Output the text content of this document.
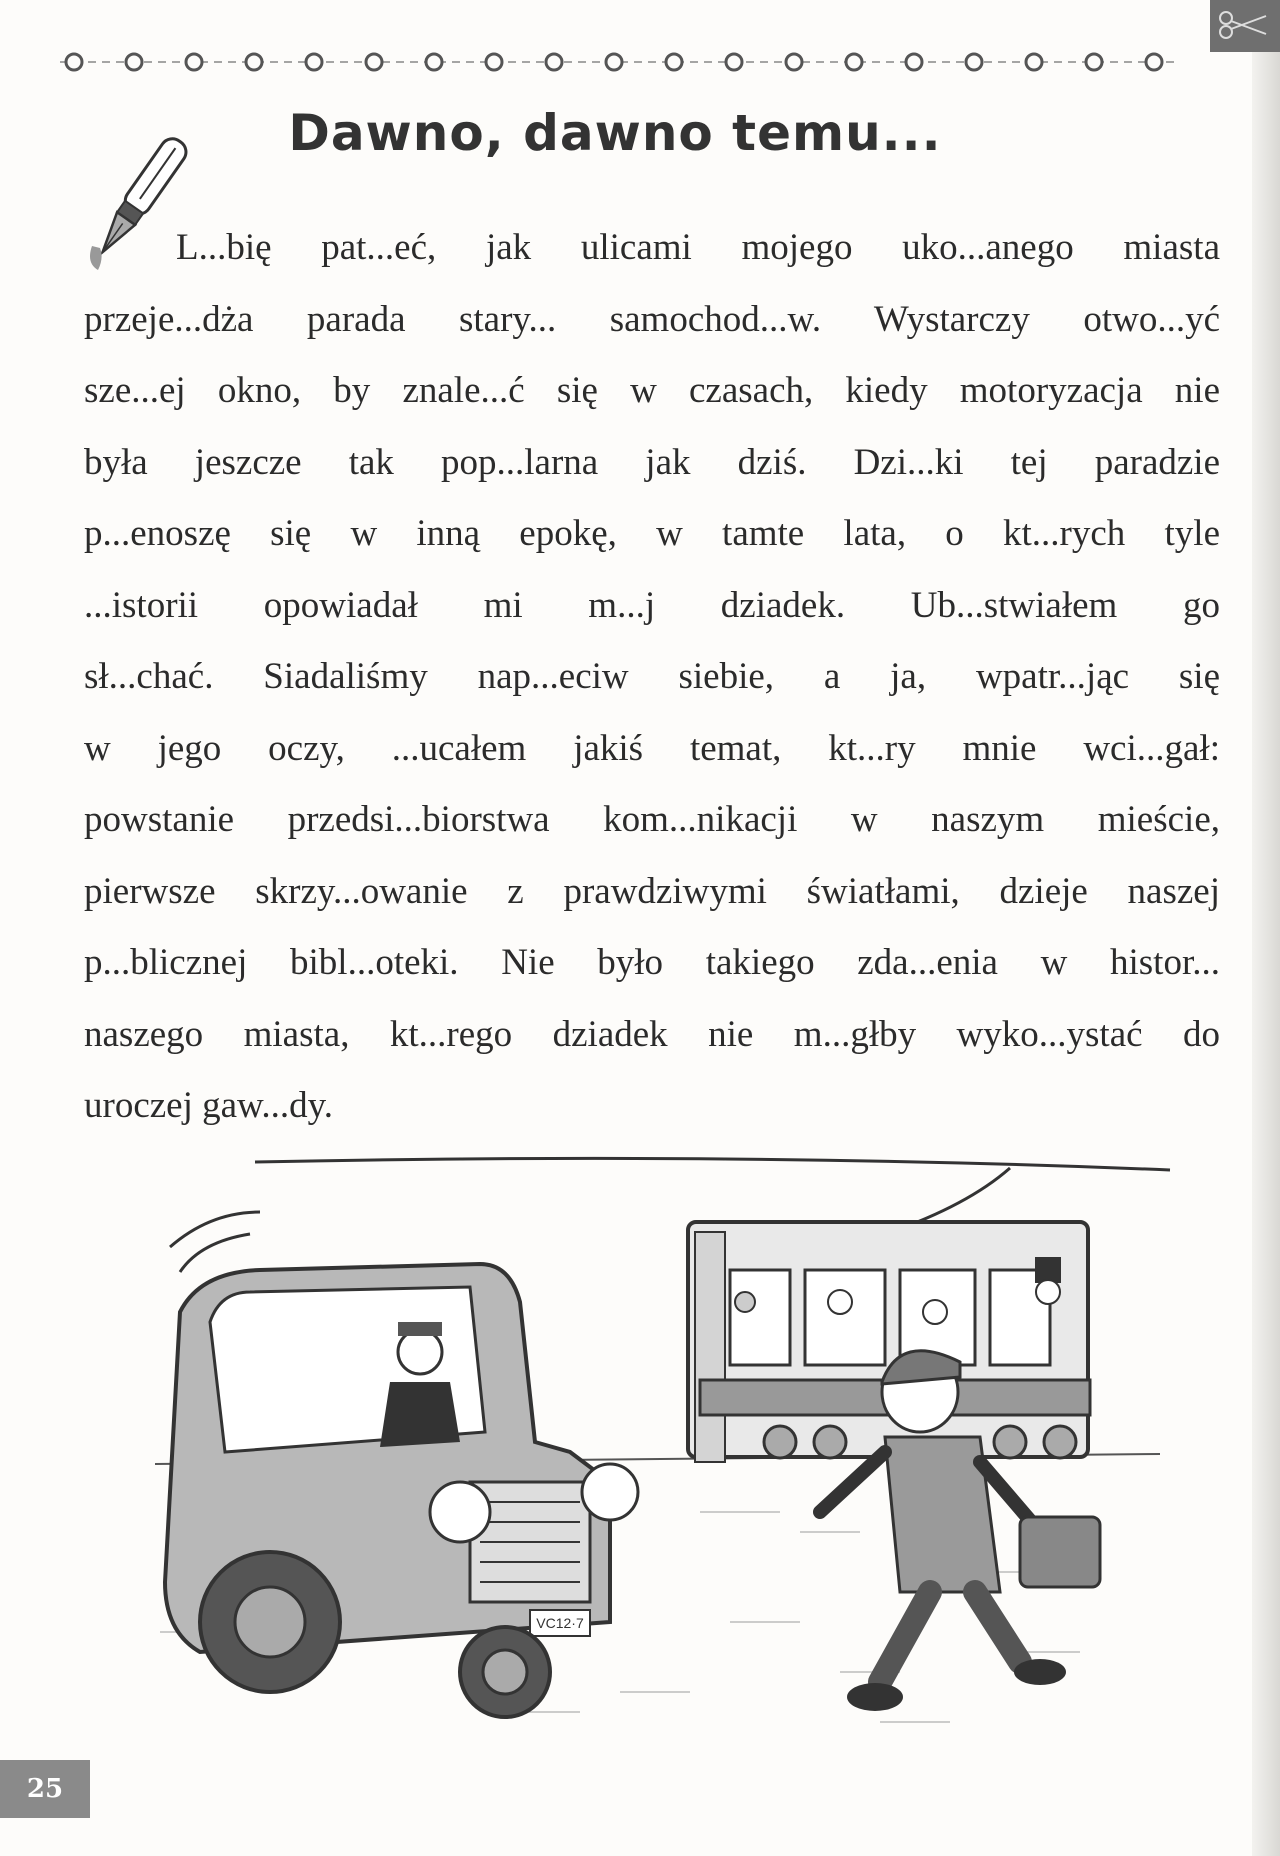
Dawno, dawno temu...
L...bię pat...eć, jak ulicami mojego uko...anego miasta
przeje...dża parada stary... samochod...w. Wystarczy otwo...yć
sze...ej okno, by znale...ć się w czasach, kiedy motoryzacja nie
była jeszcze tak pop...larna jak dziś. Dzi...ki tej paradzie
p...enoszę się w inną epokę, w tamte lata, o kt...rych tyle
...istorii opowiadał mi m...j dziadek. Ub...stwiałem go
sł...chać. Siadaliśmy nap...eciw siebie, a ja, wpatr...jąc się
w jego oczy, ...ucałem jakiś temat, kt...ry mnie wci...gał:
powstanie przedsi...biorstwa kom...nikacji w naszym mieście,
pierwsze skrzy...owanie z prawdziwymi światłami, dzieje naszej
p...blicznej bibl...oteki. Nie było takiego zda...enia w histor...
naszego miasta, kt...rego dziadek nie m...głby wyko...ystać do
uroczej gaw...dy.
VC12·7
25
